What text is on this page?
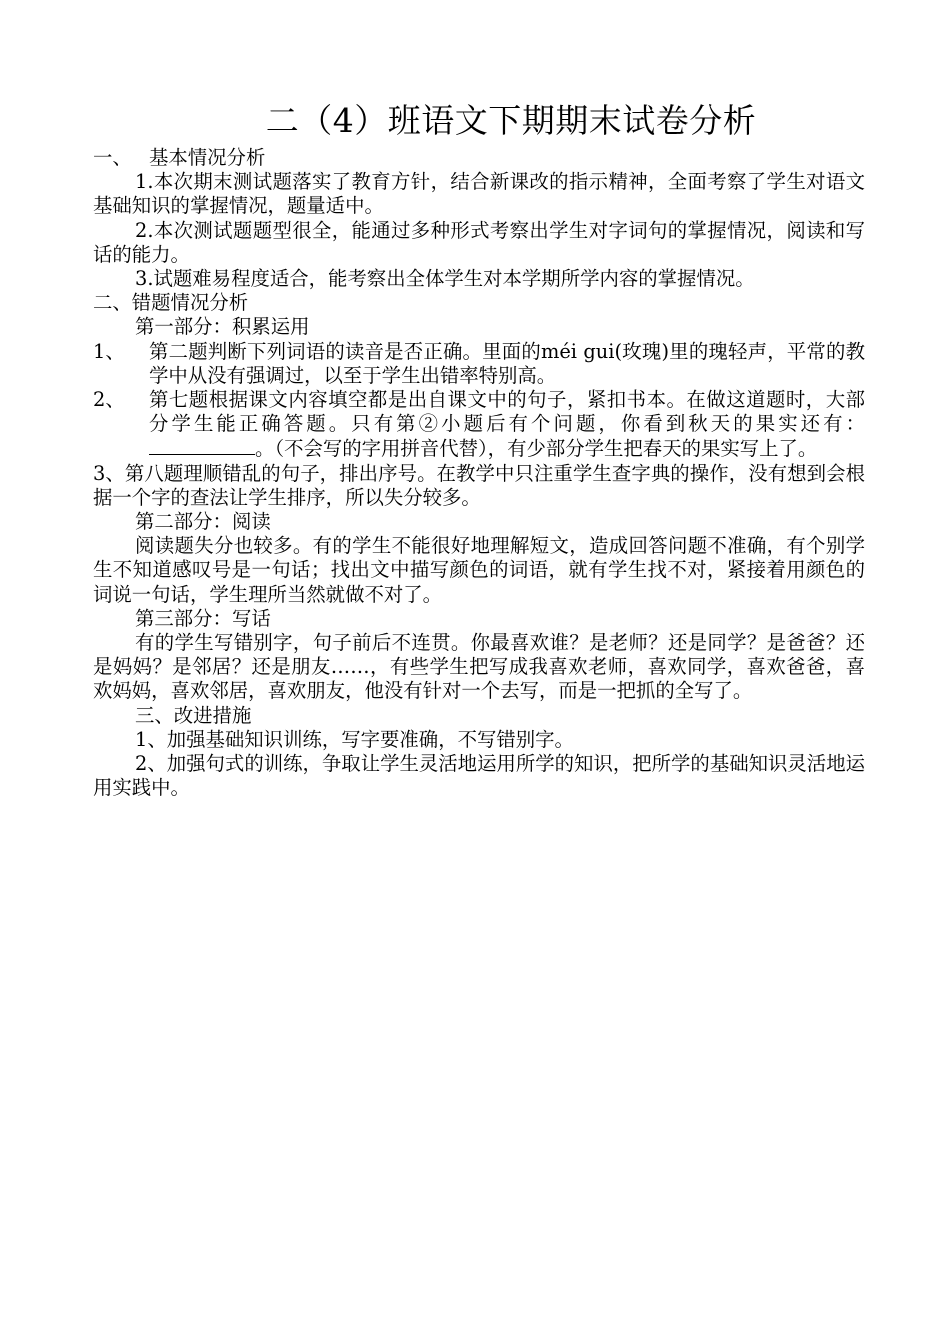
二（4）班语文下期期末试卷分析
一、 基本情况分析

1.本次期末测试题落实了教育方针，结合新课改的指示精神，全面考察了学生对语文基础知识的掌握情况，题量适中。

2.本次测试题题型很全，能通过多种形式考察出学生对字词句的掌握情况，阅读和写话的能力。

3.试题难易程度适合，能考察出全体学生对本学期所学内容的掌握情况。

二、错题情况分析

第一部分：积累运用

1、	第二题判断下列词语的读音是否正确。里面的méi gui(玫瑰)里的瑰轻声，平常的教学中从没有强调过，以至于学生出错率特别高。
2、	第七题根据课文内容填空都是出自课文中的句子，紧扣书本。在做这道题时，大部分学生能正确答题。只有第②小题后有个问题，你看到秋天的果实还有：。（不会写的字用拼音代替），有少部分学生把春天的果实写上了。

3、第八题理顺错乱的句子，排出序号。在教学中只注重学生查字典的操作，没有想到会根据一个字的查法让学生排序，所以失分较多。

第二部分：阅读

阅读题失分也较多。有的学生不能很好地理解短文，造成回答问题不准确，有个别学生不知道感叹号是一句话；找出文中描写颜色的词语，就有学生找不对，紧接着用颜色的词说一句话，学生理所当然就做不对了。

第三部分：写话

有的学生写错别字，句子前后不连贯。你最喜欢谁？是老师？还是同学？是爸爸？还是妈妈？是邻居？还是朋友……，有些学生把写成我喜欢老师，喜欢同学，喜欢爸爸，喜欢妈妈，喜欢邻居，喜欢朋友，他没有针对一个去写，而是一把抓的全写了。

三、改进措施

1、加强基础知识训练，写字要准确，不写错别字。

2、加强句式的训练，争取让学生灵活地运用所学的知识，把所学的基础知识灵活地运用实践中。
